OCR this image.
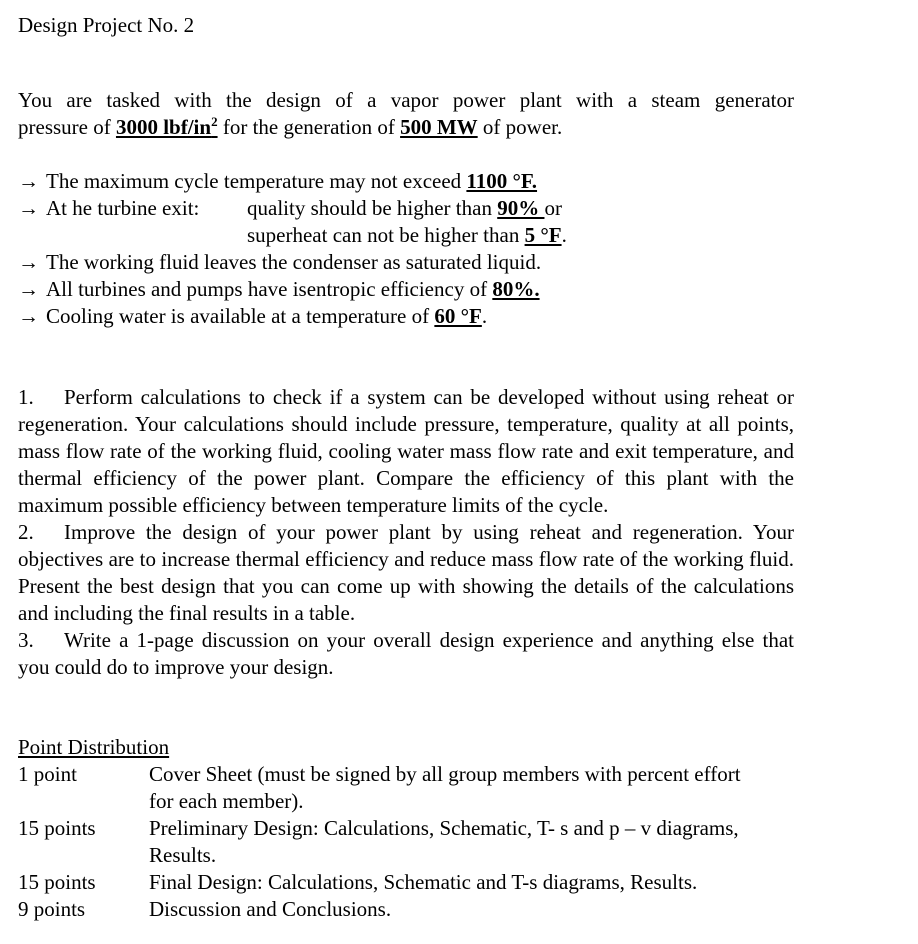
Design Project No. 2
You are tasked with the design of a vapor power plant with a steam generator
pressure of 3000 lbf/$in^2$ for the generation of 500 MW of power.
→ The maximum cycle temperature may not exceed 1100 °F.
→ At he turbine exit: quality should be higher than 90% or
superheat can not be higher than 5 °F.
→ The working fluid leaves the condenser as saturated liquid.
→ All turbines and pumps have isentropic efficiency of 80%.
→ Cooling water is available at a temperature of 60 °F.
1. Perform calculations to check if a system can be developed without using reheat or regeneration. Your calculations should include pressure, temperature, quality at all points, mass flow rate of the working fluid, cooling water mass flow rate and exit temperature, and thermal efficiency of the power plant. Compare the efficiency of this plant with the maximum possible efficiency between temperature limits of the cycle.
2. Improve the design of your power plant by using reheat and regeneration. Your objectives are to increase thermal efficiency and reduce mass flow rate of the working fluid. Present the best design that you can come up with showing the details of the calculations and including the final results in a table.
3. Write a 1-page discussion on your overall design experience and anything else that you could do to improve your design.
Point Distribution
1 point	Cover Sheet (must be signed by all group members with percent effort for each member).
15 points	Preliminary Design: Calculations, Schematic, T- s and p – v diagrams, Results.
15 points	Final Design: Calculations, Schematic and T-s diagrams, Results.
9 points	Discussion and Conclusions.
